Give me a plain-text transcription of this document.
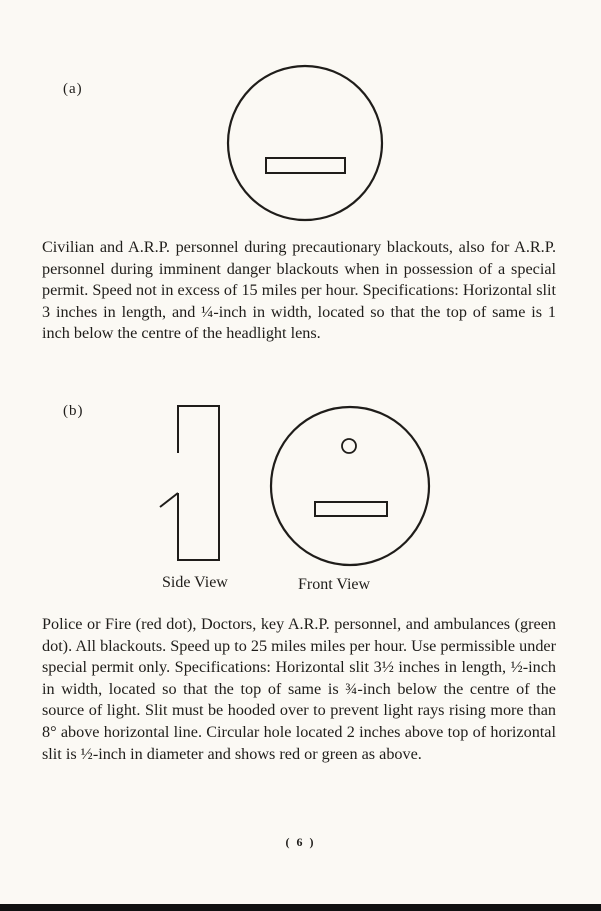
(a)

Civilian and A.R.P. personnel during precautionary blackouts, also for A.R.P. personnel during imminent danger blackouts when in possession of a special permit. Speed not in excess of 15 miles per hour. Specifications: Horizontal slit 3 inches in length, and ¼-inch in width, located so that the top of same is 1 inch below the centre of the headlight lens.

(b)
Side View	Front View

Police or Fire (red dot), Doctors, key A.R.P. personnel, and ambulances (green dot). All blackouts. Speed up to 25 miles miles per hour. Use permissible under special permit only. Specifications: Horizontal slit 3½ inches in length, ½-inch in width, located so that the top of same is ¾-inch below the centre of the source of light. Slit must be hooded over to prevent light rays rising more than 8° above horizontal line. Circular hole located 2 inches above top of horizontal slit is ½-inch in diameter and shows red or green as above.

( 6 )
